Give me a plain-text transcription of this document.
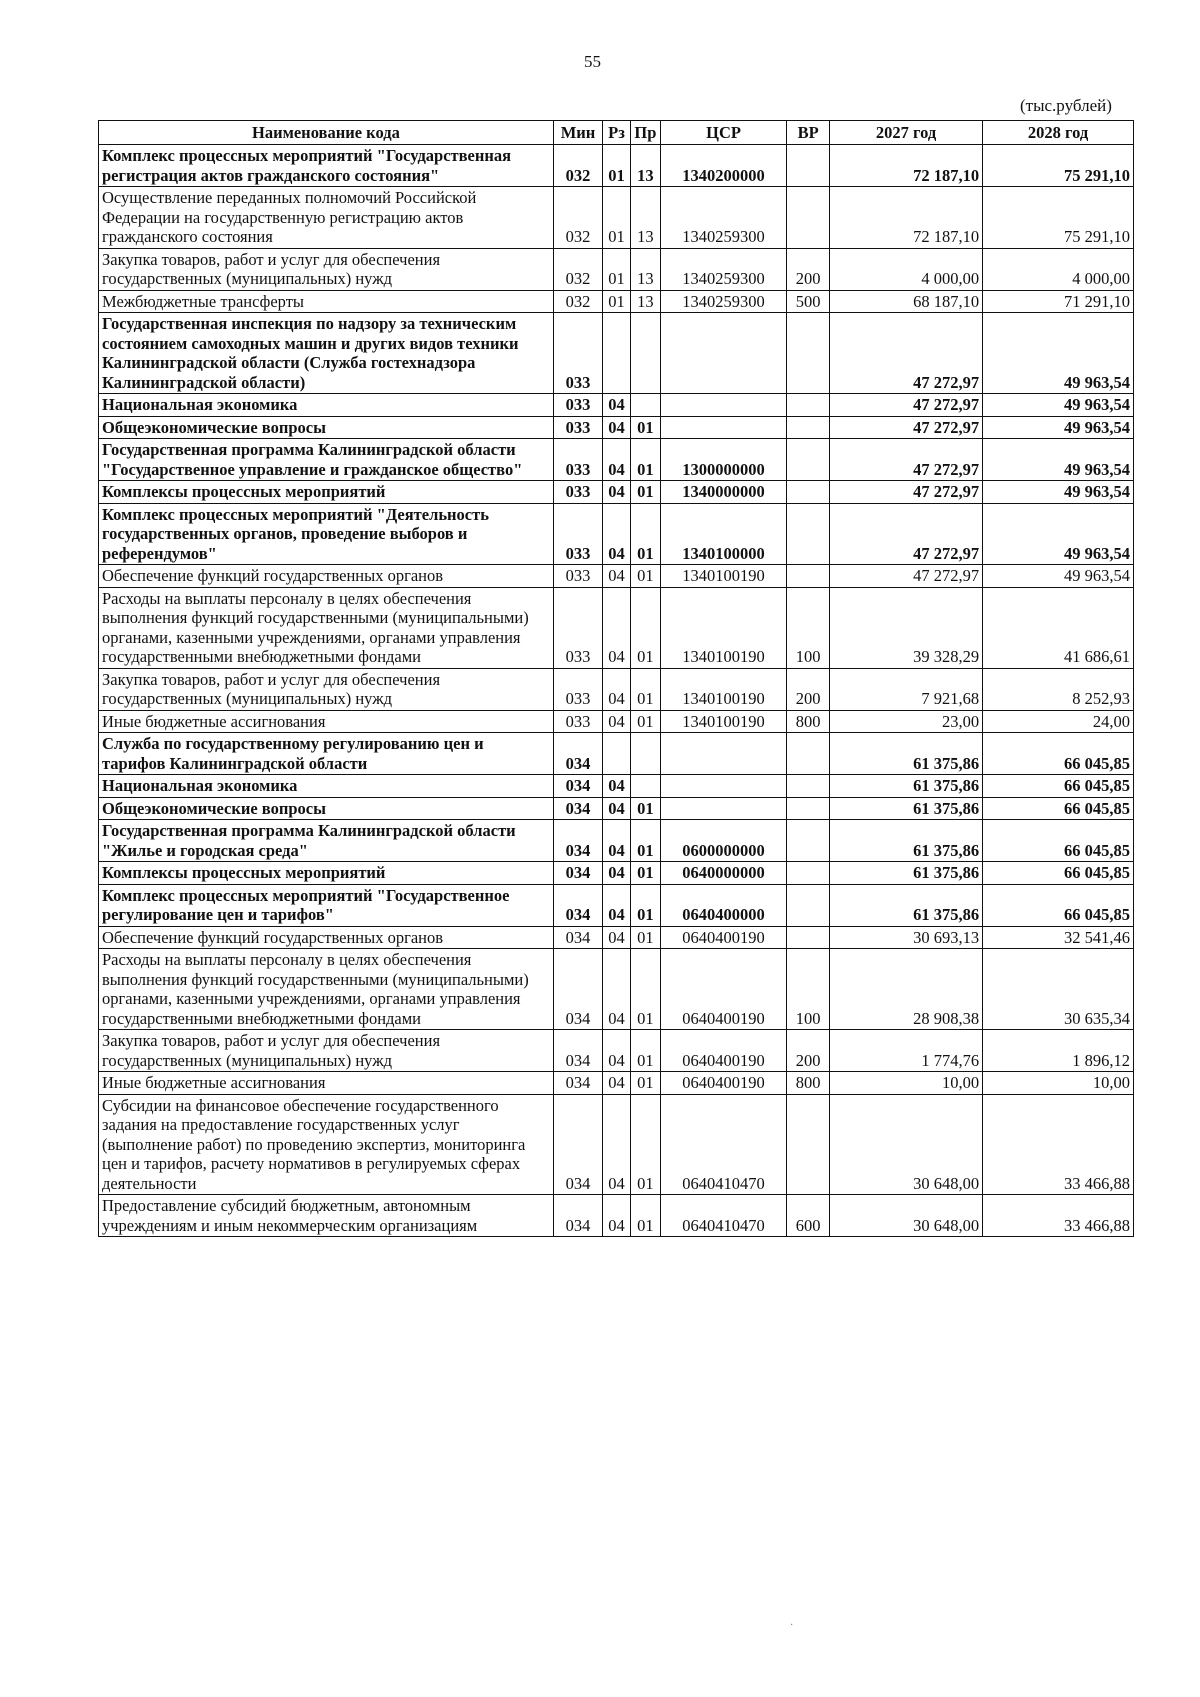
55
(тыс.рублей)
Наименование кода	Мин	Рз	Пр	ЦСР	ВР	2027 год	2028 год
Комплекс процессных мероприятий "Государственная регистрация актов гражданского состояния"	032	01	13	1340200000		72 187,10	75 291,10
Осуществление переданных полномочий Российской Федерации на государственную регистрацию актов гражданского состояния	032	01	13	1340259300		72 187,10	75 291,10
Закупка товаров, работ и услуг для обеспечения государственных (муниципальных) нужд	032	01	13	1340259300	200	4 000,00	4 000,00
Межбюджетные трансферты	032	01	13	1340259300	500	68 187,10	71 291,10
Государственная инспекция по надзору за техническим состоянием самоходных машин и других видов техники Калининградской области (Служба гостехнадзора Калининградской области)	033					47 272,97	49 963,54
Национальная экономика	033	04				47 272,97	49 963,54
Общеэкономические вопросы	033	04	01			47 272,97	49 963,54
Государственная программа Калининградской области "Государственное управление и гражданское общество"	033	04	01	1300000000		47 272,97	49 963,54
Комплексы процессных мероприятий	033	04	01	1340000000		47 272,97	49 963,54
Комплекс процессных мероприятий "Деятельность государственных органов, проведение выборов и референдумов"	033	04	01	1340100000		47 272,97	49 963,54
Обеспечение функций государственных органов	033	04	01	1340100190		47 272,97	49 963,54
Расходы на выплаты персоналу в целях обеспечения выполнения функций государственными (муниципальными) органами, казенными учреждениями, органами управления государственными внебюджетными фондами	033	04	01	1340100190	100	39 328,29	41 686,61
Закупка товаров, работ и услуг для обеспечения государственных (муниципальных) нужд	033	04	01	1340100190	200	7 921,68	8 252,93
Иные бюджетные ассигнования	033	04	01	1340100190	800	23,00	24,00
Служба по государственному регулированию цен и тарифов Калининградской области	034					61 375,86	66 045,85
Национальная экономика	034	04				61 375,86	66 045,85
Общеэкономические вопросы	034	04	01			61 375,86	66 045,85
Государственная программа Калининградской области "Жилье и городская среда"	034	04	01	0600000000		61 375,86	66 045,85
Комплексы процессных мероприятий	034	04	01	0640000000		61 375,86	66 045,85
Комплекс процессных мероприятий "Государственное регулирование цен и тарифов"	034	04	01	0640400000		61 375,86	66 045,85
Обеспечение функций государственных органов	034	04	01	0640400190		30 693,13	32 541,46
Расходы на выплаты персоналу в целях обеспечения выполнения функций государственными (муниципальными) органами, казенными учреждениями, органами управления государственными внебюджетными фондами	034	04	01	0640400190	100	28 908,38	30 635,34
Закупка товаров, работ и услуг для обеспечения государственных (муниципальных) нужд	034	04	01	0640400190	200	1 774,76	1 896,12
Иные бюджетные ассигнования	034	04	01	0640400190	800	10,00	10,00
Субсидии на финансовое обеспечение государственного задания на предоставление государственных услуг (выполнение работ) по проведению экспертиз, мониторинга цен и тарифов, расчету нормативов в регулируемых сферах деятельности	034	04	01	0640410470		30 648,00	33 466,88
Предоставление субсидий бюджетным, автономным учреждениям и иным некоммерческим организациям	034	04	01	0640410470	600	30 648,00	33 466,88
·
